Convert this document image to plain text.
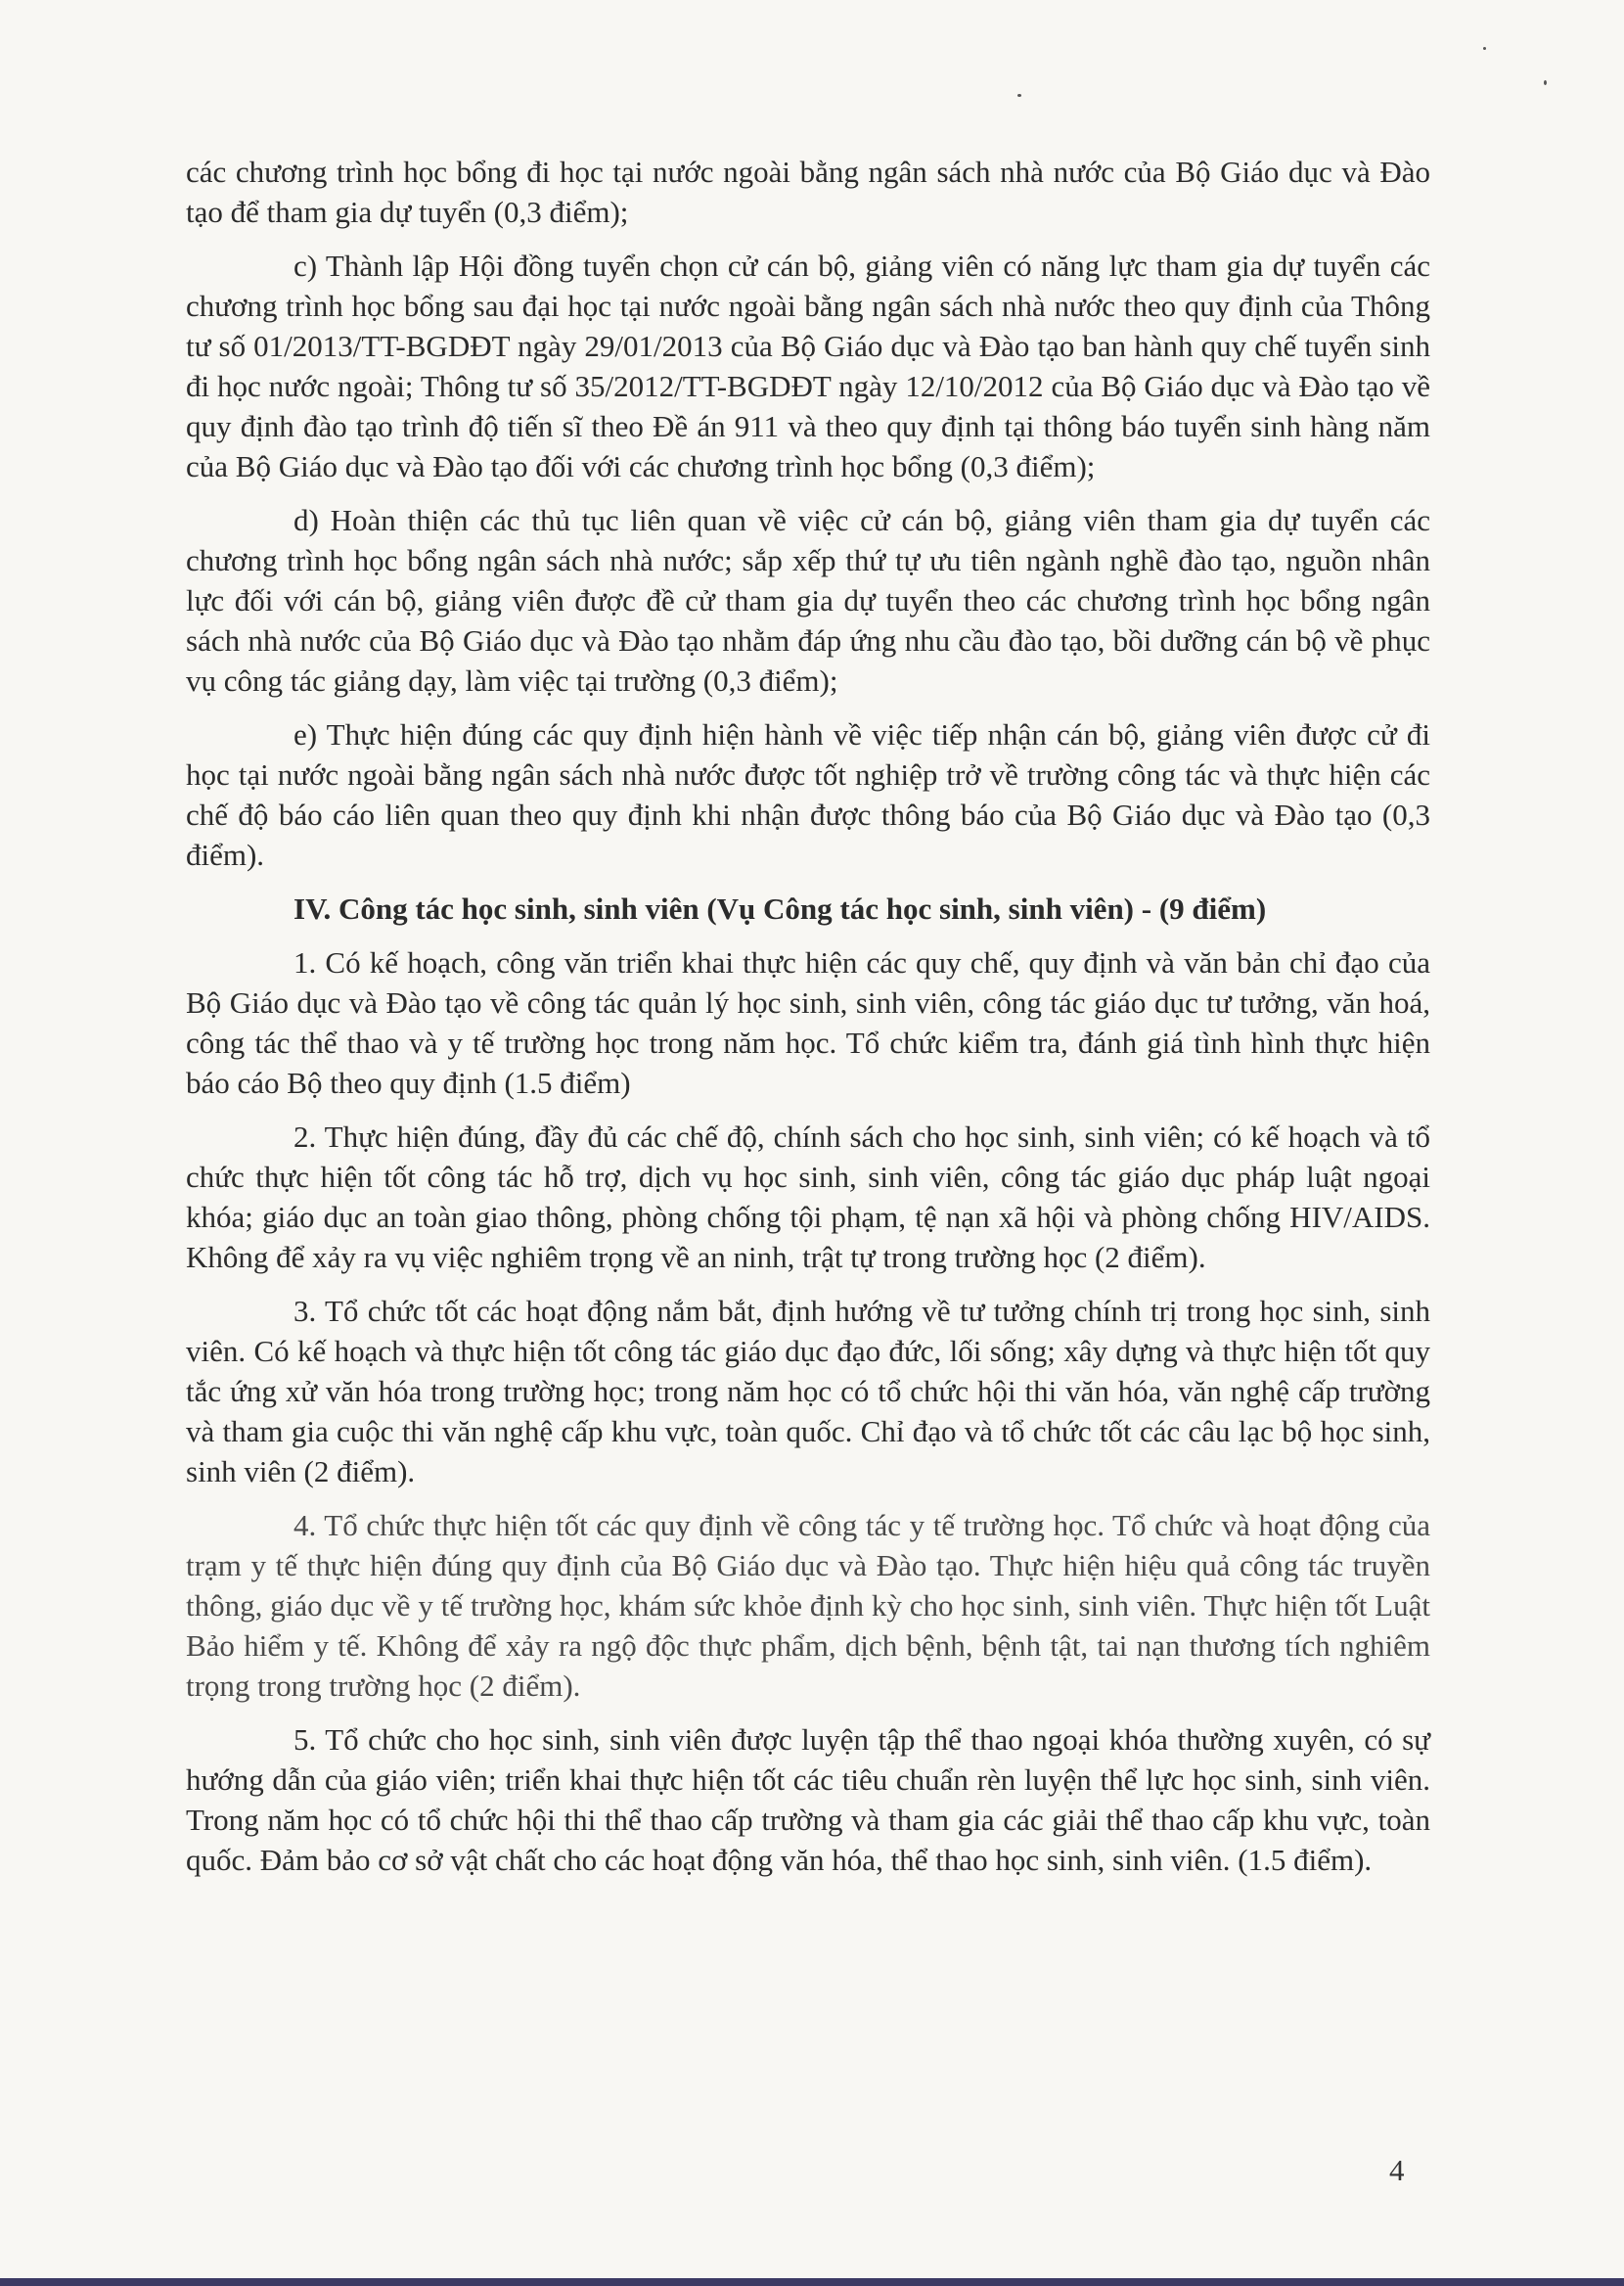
các chương trình học bổng đi học tại nước ngoài bằng ngân sách nhà nước của Bộ Giáo dục và Đào tạo để tham gia dự tuyển (0,3 điểm);

c) Thành lập Hội đồng tuyển chọn cử cán bộ, giảng viên có năng lực tham gia dự tuyển các chương trình học bổng sau đại học tại nước ngoài bằng ngân sách nhà nước theo quy định của Thông tư số 01/2013/TT-BGDĐT ngày 29/01/2013 của Bộ Giáo dục và Đào tạo ban hành quy chế tuyển sinh đi học nước ngoài; Thông tư số 35/2012/TT-BGDĐT ngày 12/10/2012 của Bộ Giáo dục và Đào tạo về quy định đào tạo trình độ tiến sĩ theo Đề án 911 và theo quy định tại thông báo tuyển sinh hàng năm của Bộ Giáo dục và Đào tạo đối với các chương trình học bổng (0,3 điểm);

d) Hoàn thiện các thủ tục liên quan về việc cử cán bộ, giảng viên tham gia dự tuyển các chương trình học bổng ngân sách nhà nước; sắp xếp thứ tự ưu tiên ngành nghề đào tạo, nguồn nhân lực đối với cán bộ, giảng viên được đề cử tham gia dự tuyển theo các chương trình học bổng ngân sách nhà nước của Bộ Giáo dục và Đào tạo nhằm đáp ứng nhu cầu đào tạo, bồi dưỡng cán bộ về phục vụ công tác giảng dạy, làm việc tại trường (0,3 điểm);

e) Thực hiện đúng các quy định hiện hành về việc tiếp nhận cán bộ, giảng viên được cử đi học tại nước ngoài bằng ngân sách nhà nước được tốt nghiệp trở về trường công tác và thực hiện các chế độ báo cáo liên quan theo quy định khi nhận được thông báo của Bộ Giáo dục và Đào tạo (0,3 điểm).

IV. Công tác học sinh, sinh viên (Vụ Công tác học sinh, sinh viên) - (9 điểm)

1. Có kế hoạch, công văn triển khai thực hiện các quy chế, quy định và văn bản chỉ đạo của Bộ Giáo dục và Đào tạo về công tác quản lý học sinh, sinh viên, công tác giáo dục tư tưởng, văn hoá, công tác thể thao và y tế trường học trong năm học. Tổ chức kiểm tra, đánh giá tình hình thực hiện báo cáo Bộ theo quy định (1.5 điểm)

2. Thực hiện đúng, đầy đủ các chế độ, chính sách cho học sinh, sinh viên; có kế hoạch và tổ chức thực hiện tốt công tác hỗ trợ, dịch vụ học sinh, sinh viên, công tác giáo dục pháp luật ngoại khóa; giáo dục an toàn giao thông, phòng chống tội phạm, tệ nạn xã hội và phòng chống HIV/AIDS. Không để xảy ra vụ việc nghiêm trọng về an ninh, trật tự trong trường học (2 điểm).

3. Tổ chức tốt các hoạt động nắm bắt, định hướng về tư tưởng chính trị trong học sinh, sinh viên. Có kế hoạch và thực hiện tốt công tác giáo dục đạo đức, lối sống; xây dựng và thực hiện tốt quy tắc ứng xử văn hóa trong trường học; trong năm học có tổ chức hội thi văn hóa, văn nghệ cấp trường và tham gia cuộc thi văn nghệ cấp khu vực, toàn quốc. Chỉ đạo và tổ chức tốt các câu lạc bộ học sinh, sinh viên (2 điểm).

4. Tổ chức thực hiện tốt các quy định về công tác y tế trường học. Tổ chức và hoạt động của trạm y tế thực hiện đúng quy định của Bộ Giáo dục và Đào tạo. Thực hiện hiệu quả công tác truyền thông, giáo dục về y tế trường học, khám sức khỏe định kỳ cho học sinh, sinh viên. Thực hiện tốt Luật Bảo hiểm y tế. Không để xảy ra ngộ độc thực phẩm, dịch bệnh, bệnh tật, tai nạn thương tích nghiêm trọng trong trường học (2 điểm).

5. Tổ chức cho học sinh, sinh viên được luyện tập thể thao ngoại khóa thường xuyên, có sự hướng dẫn của giáo viên; triển khai thực hiện tốt các tiêu chuẩn rèn luyện thể lực học sinh, sinh viên. Trong năm học có tổ chức hội thi thể thao cấp trường và tham gia các giải thể thao cấp khu vực, toàn quốc. Đảm bảo cơ sở vật chất cho các hoạt động văn hóa, thể thao học sinh, sinh viên. (1.5 điểm).

4
